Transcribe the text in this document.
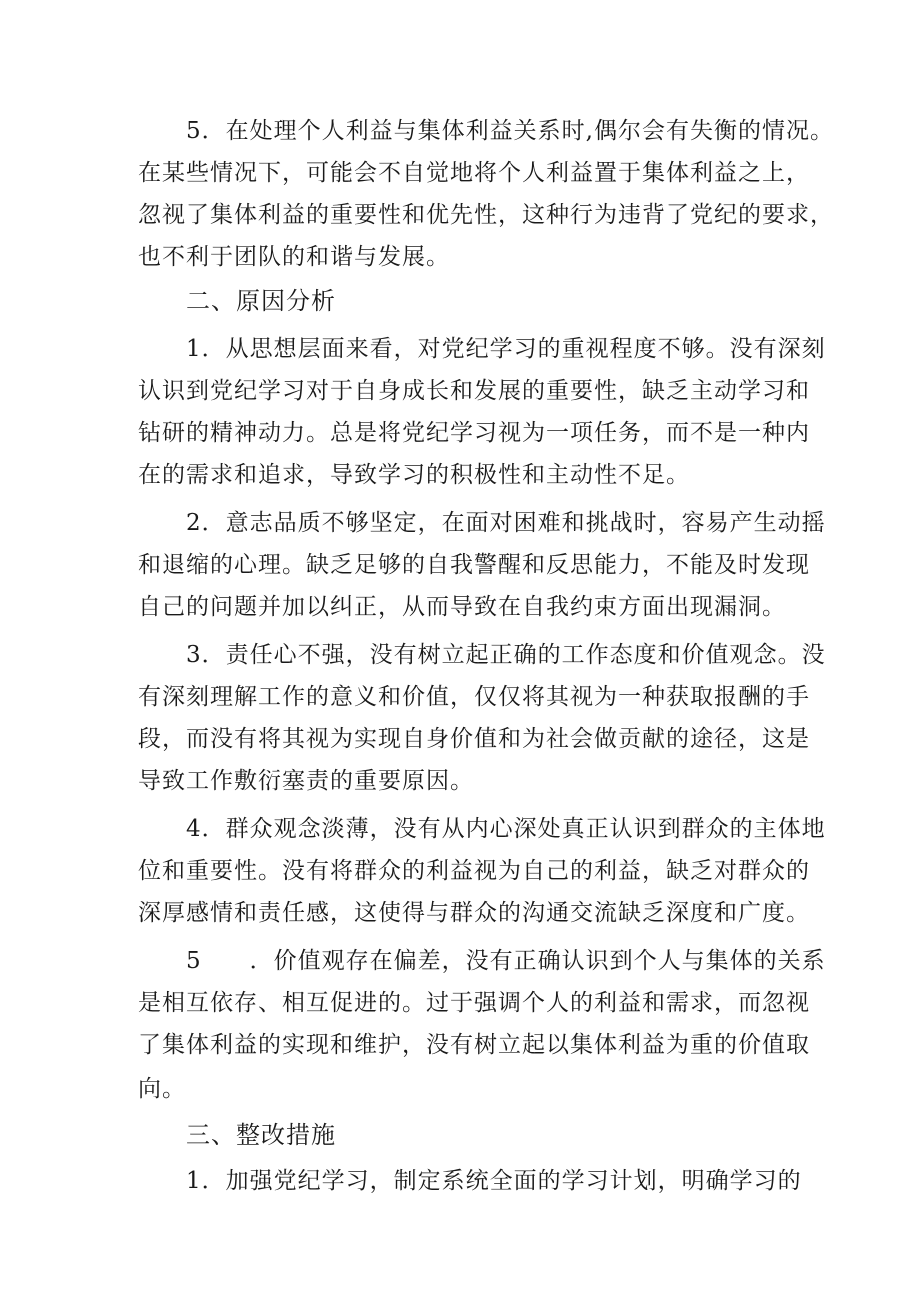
5．在处理个人利益与集体利益关系时,偶尔会有失衡的情况。
在某些情况下，可能会不自觉地将个人利益置于集体利益之上，
忽视了集体利益的重要性和优先性，这种行为违背了党纪的要求，
也不利于团队的和谐与发展。
二、原因分析
1．从思想层面来看，对党纪学习的重视程度不够。没有深刻
认识到党纪学习对于自身成长和发展的重要性，缺乏主动学习和
钻研的精神动力。总是将党纪学习视为一项任务，而不是一种内
在的需求和追求，导致学习的积极性和主动性不足。
2．意志品质不够坚定，在面对困难和挑战时，容易产生动摇
和退缩的心理。缺乏足够的自我警醒和反思能力，不能及时发现
自己的问题并加以纠正，从而导致在自我约束方面出现漏洞。
3．责任心不强，没有树立起正确的工作态度和价值观念。没
有深刻理解工作的意义和价值，仅仅将其视为一种获取报酬的手
段，而没有将其视为实现自身价值和为社会做贡献的途径，这是
导致工作敷衍塞责的重要原因。
4．群众观念淡薄，没有从内心深处真正认识到群众的主体地
位和重要性。没有将群众的利益视为自己的利益，缺乏对群众的
深厚感情和责任感，这使得与群众的沟通交流缺乏深度和广度。
5　　．价值观存在偏差，没有正确认识到个人与集体的关系
是相互依存、相互促进的。过于强调个人的利益和需求，而忽视
了集体利益的实现和维护，没有树立起以集体利益为重的价值取
向。
三、整改措施
1．加强党纪学习，制定系统全面的学习计划，明确学习的
